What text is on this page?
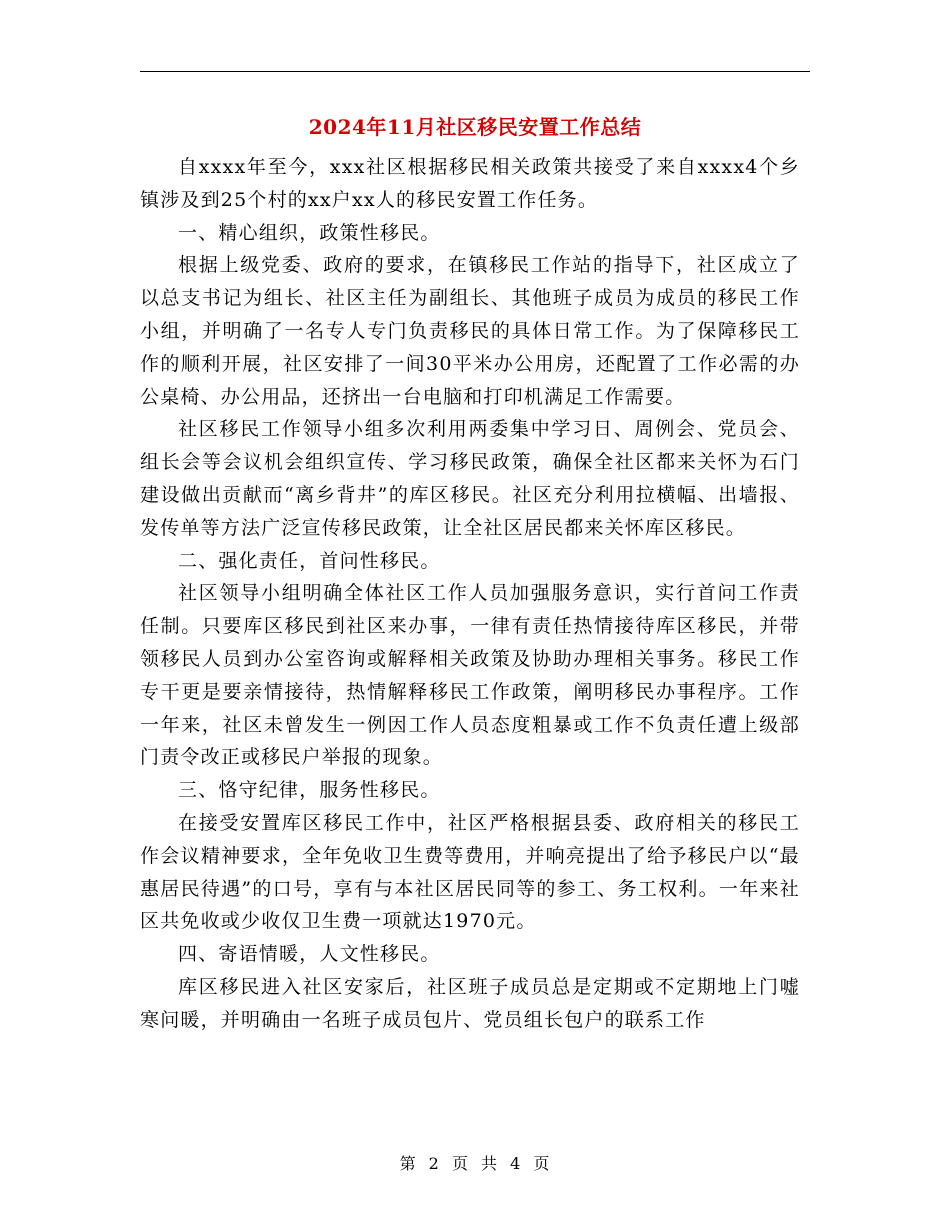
2024年11月社区移民安置工作总结

自xxxx年至今，xxx社区根据移民相关政策共接受了来自xxxx4个乡镇涉及到25个村的xx户xx人的移民安置工作任务。

一、精心组织，政策性移民。

根据上级党委、政府的要求，在镇移民工作站的指导下，社区成立了以总支书记为组长、社区主任为副组长、其他班子成员为成员的移民工作小组，并明确了一名专人专门负责移民的具体日常工作。为了保障移民工作的顺利开展，社区安排了一间30平米办公用房，还配置了工作必需的办公桌椅、办公用品，还挤出一台电脑和打印机满足工作需要。

社区移民工作领导小组多次利用两委集中学习日、周例会、党员会、组长会等会议机会组织宣传、学习移民政策，确保全社区都来关怀为石门建设做出贡献而“离乡背井”的库区移民。社区充分利用拉横幅、出墙报、发传单等方法广泛宣传移民政策，让全社区居民都来关怀库区移民。

二、强化责任，首问性移民。

社区领导小组明确全体社区工作人员加强服务意识，实行首问工作责任制。只要库区移民到社区来办事，一律有责任热情接待库区移民，并带领移民人员到办公室咨询或解释相关政策及协助办理相关事务。移民工作专干更是要亲情接待，热情解释移民工作政策，阐明移民办事程序。工作一年来，社区未曾发生一例因工作人员态度粗暴或工作不负责任遭上级部门责令改正或移民户举报的现象。

三、恪守纪律，服务性移民。

在接受安置库区移民工作中，社区严格根据县委、政府相关的移民工作会议精神要求，全年免收卫生费等费用，并响亮提出了给予移民户以“最惠居民待遇”的口号，享有与本社区居民同等的参工、务工权利。一年来社区共免收或少收仅卫生费一项就达1970元。

四、寄语情暖，人文性移民。

库区移民进入社区安家后，社区班子成员总是定期或不定期地上门嘘寒问暖，并明确由一名班子成员包片、党员组长包户的联系工作

第 2 页 共 4 页
